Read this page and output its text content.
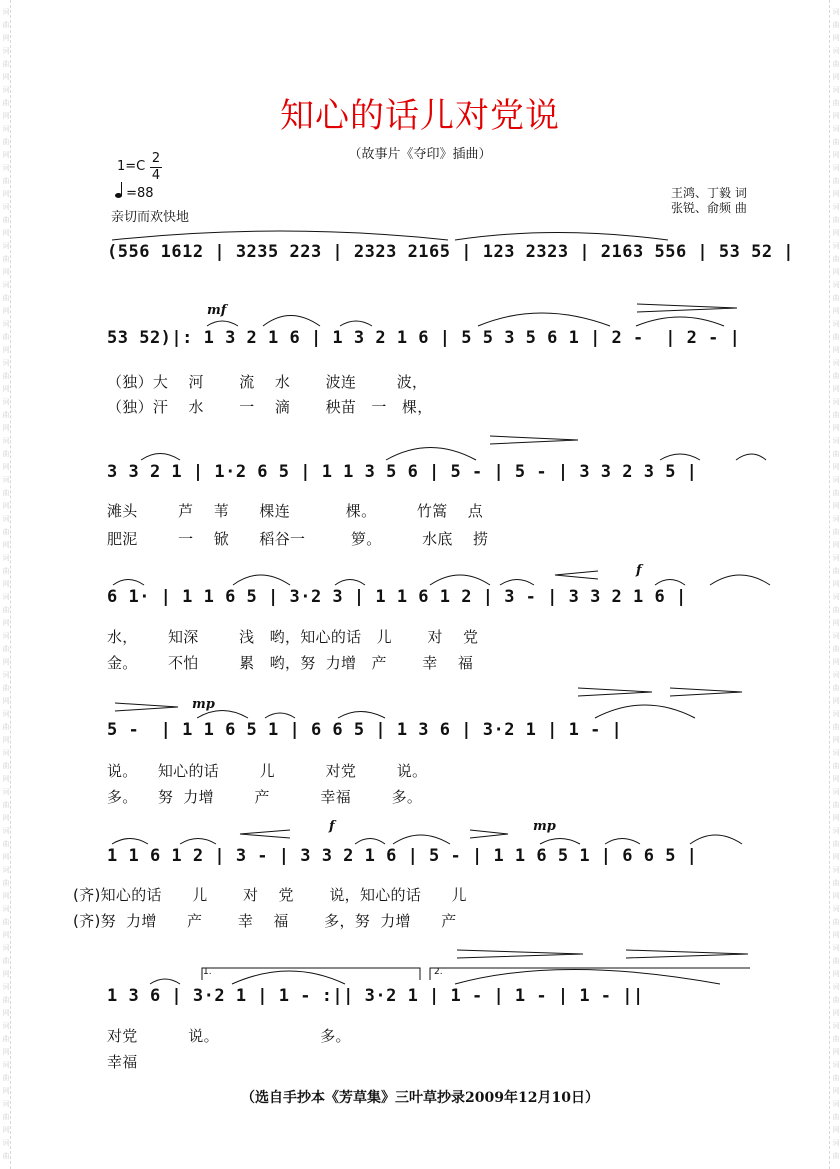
词
曲
网
词
曲
网
词
曲
网
词
曲
网
词
曲
网
词
曲
网
词
曲
网
词
曲
网
词
曲
网
词
曲
网
词
曲
网
词
曲
网
词
曲
网
词
曲
网
词
曲
网
词
曲
网
词
曲
网
词
曲
网
词
曲
网
词
曲
网
词
曲
网
词
曲
网
词
曲
网
词
曲
网
词
曲
网
词
曲
网
词
曲
网
词
曲
网
词
曲
网
词
曲
词
曲
网
词
曲
网
词
曲
网
词
曲
网
词
曲
网
词
曲
网
词
曲
网
词
曲
网
词
曲
网
词
曲
网
词
曲
网
词
曲
网
词
曲
网
词
曲
网
词
曲
网
词
曲
网
词
曲
网
词
曲
网
词
曲
网
词
曲
网
词
曲
网
词
曲
网
词
曲
网
词
曲
网
词
曲
网
词
曲
网
词
曲
网
词
曲
网
词
曲
网
词
曲
知心的话儿对党说
（故事片《夺印》插曲）
1=C
2
4
=88
亲切而欢快地
王鸿、丁毅 词
张锐、俞频 曲
(556 1612 | 3235 223 | 2323 2165 | 123 2323 | 2163 556 | 53 52 |
53 52)|: 1 3 2 1 6 | 1 3 2 1 6 | 5 5 3 5 6 1 | 2 -  | 2 - |
mf
（独）大    河       流    水       波连        波，
（独）汗    水       一    滴       秧苗   一   棵，
3 3 2 1 | 1·2 6 5 | 1 1 3 5 6 | 5 - | 5 - | 3 3 2 3 5 |
滩头        芦    苇      棵连           棵。        竹篙    点
肥泥        一    锨      稻谷一         箩。        水底    捞
6 1· | 1 1 6 5 | 3·2 3 | 1 1 6 1 2 | 3 - | 3 3 2 1 6 |
f
水，      知深        浅   哟，知心的话   儿       对    党
金。      不怕        累   哟，努  力增   产       幸    福
5 -  | 1 1 6 5 1 | 6 6 5 | 1 3 6 | 3·2 1 | 1 - |
mp
说。    知心的话        儿          对党        说。
多。    努  力增        产          幸福        多。
1 1 6 1 2 | 3 - | 3 3 2 1 6 | 5 - | 1 1 6 5 1 | 6 6 5 |
f	mp
(齐)知心的话      儿       对    党       说，知心的话      儿
(齐)努  力增      产       幸    福       多，努  力增      产
1 3 6 | 3·2 1 | 1 - :|| 3·2 1 | 1 - | 1 - | 1 - ||
1.	2.
对党          说。                    多。
幸福
（选自手抄本《芳草集》三叶草抄录2009年12月10日）
